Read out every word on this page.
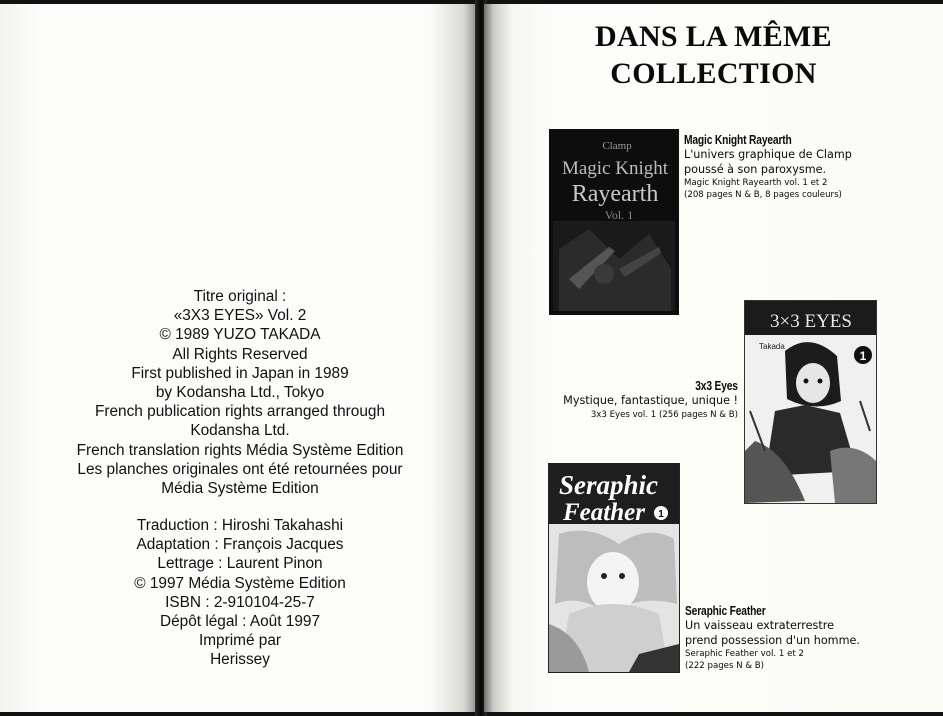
Titre original :
«3X3 EYES» Vol. 2
© 1989 YUZO TAKADA
All Rights Reserved
First published in Japan in 1989
by Kodansha Ltd., Tokyo
French publication rights arranged through
Kodansha Ltd.
French translation rights Média Système Edition
Les planches originales ont été retournées pour
Média Système Edition
Traduction : Hiroshi Takahashi
Adaptation : François Jacques
Lettrage : Laurent Pinon
© 1997 Média Système Edition
ISBN : 2-910104-25-7
Dépôt légal : Août 1997
Imprimé par
Herissey
DANS LA MÊME
COLLECTION
Clamp
Magic Knight
Rayearth
Vol. 1
Magic Knight Rayearth
L'univers graphique de Clamp
poussé à son paroxysme.
Magic Knight Rayearth vol. 1 et 2
(208 pages N & B, 8 pages couleurs)
3×3 EYES
Takada
1
3x3 Eyes
Mystique, fantastique, unique !
3x3 Eyes vol. 1 (256 pages N & B)
Seraphic
Feather 1
Seraphic Feather
Un vaisseau extraterrestre
prend possession d'un homme.
Seraphic Feather vol. 1 et 2
(222 pages N & B)
